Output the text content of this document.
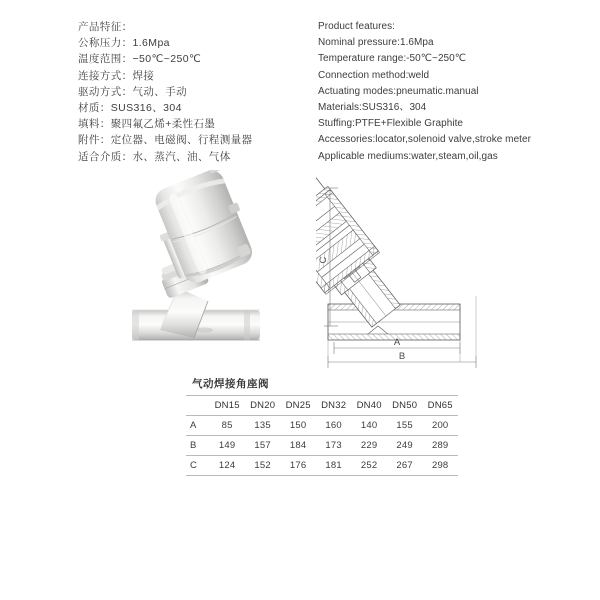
产品特征：
公称压力：1.6Mpa
温度范围：−50℃~250℃
连接方式：焊接
驱动方式：气动、手动
材质：SUS316、304
填料：聚四氟乙烯+柔性石墨
附件：定位器、电磁阀、行程测量器
适合介质：水、蒸汽、油、气体
Product features:
Nominal pressure:1.6Mpa
Temperature range:-50℃~250℃
Connection method:weld
Actuating modes:pneumatic.manual
Materials:SUS316、304
Stuffing:PTFE+Flexible Graphite
Accessories:locator,solenoid valve,stroke meter
Applicable mediums:water,steam,oil,gas
C
A
B
气动焊接角座阀
	DN15	DN20	DN25	DN32	DN40	DN50	DN65
A	85	135	150	160	140	155	200
B	149	157	184	173	229	249	289
C	124	152	176	181	252	267	298
